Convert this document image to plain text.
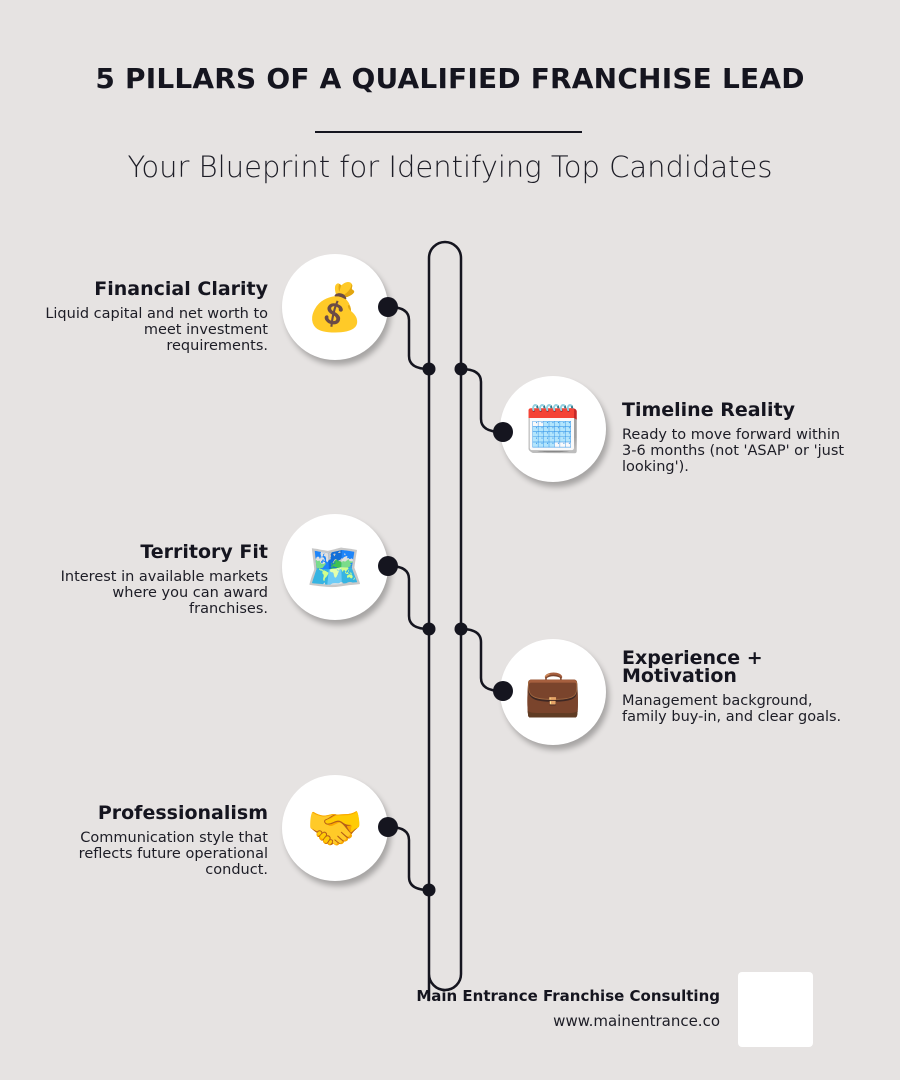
5 PILLARS OF A QUALIFIED FRANCHISE LEAD
Your Blueprint for Identifying Top Candidates
Financial Clarity

Liquid capital and net worth to meet investment requirements.

💰
Timeline Reality

Ready to move forward within 3-6 months (not 'ASAP' or 'just looking').

🗓️
Territory Fit

Interest in available markets where you can award franchises.

🗺️
Experience + Motivation

Management background, family buy-in, and clear goals.

💼
Professionalism

Communication style that reflects future operational conduct.

🤝
Main Entrance Franchise Consulting
www.mainentrance.co
